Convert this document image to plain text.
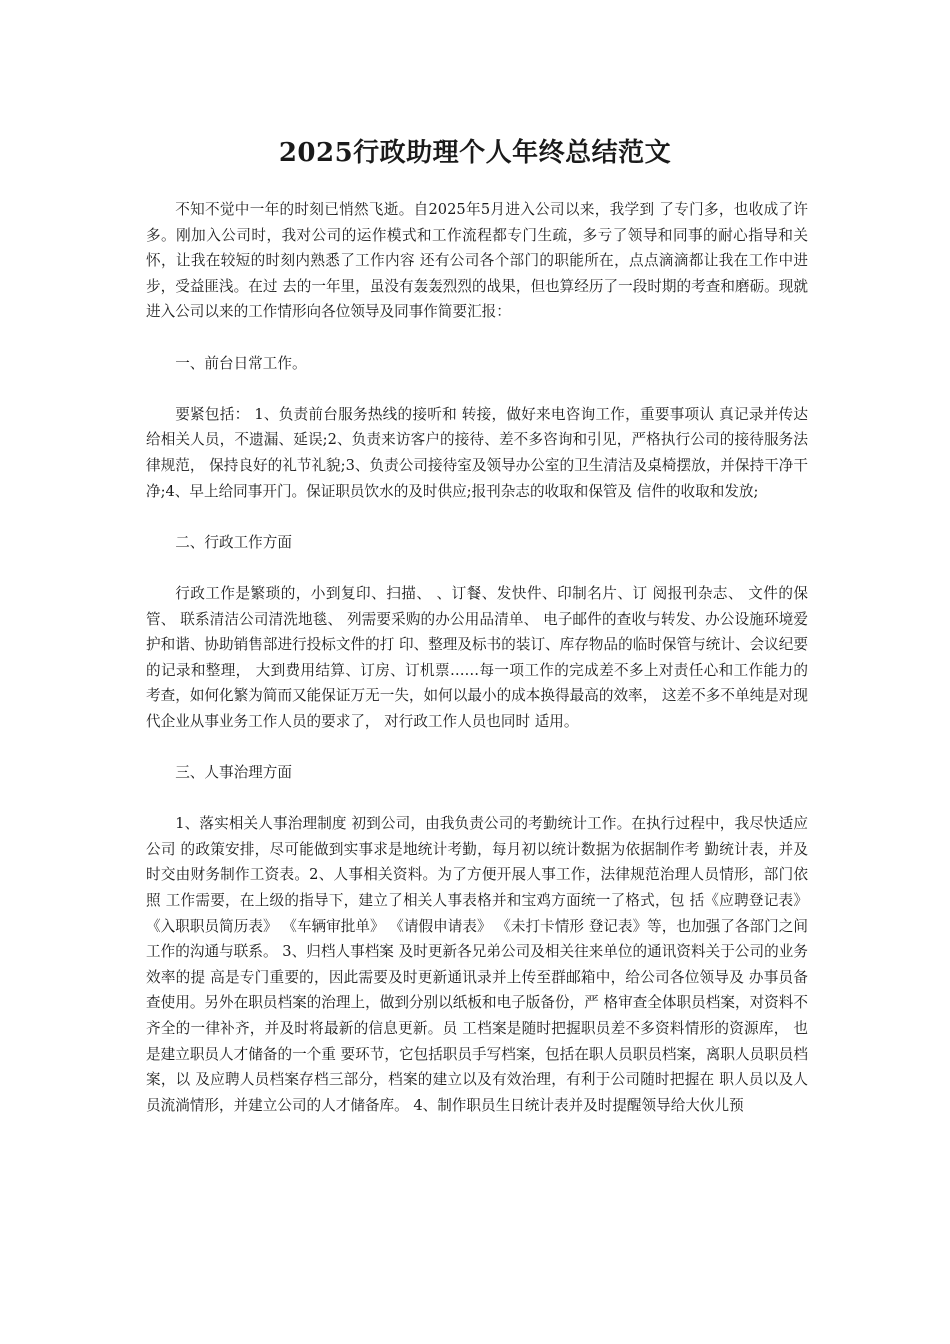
2025行政助理个人年终总结范文

不知不觉中一年的时刻已悄然飞逝。自2025年5月进入公司以来，我学到 了专门多，也收成了许多。刚加入公司时，我对公司的运作模式和工作流程都专门生疏，多亏了领导和同事的耐心指导和关怀，让我在较短的时刻内熟悉了工作内容 还有公司各个部门的职能所在，点点滴滴都让我在工作中进步，受益匪浅。在过 去的一年里，虽没有轰轰烈烈的战果，但也算经历了一段时期的考查和磨砺。现就进入公司以来的工作情形向各位领导及同事作简要汇报：

一、前台日常工作。

要紧包括： 1、负责前台服务热线的接听和 转接，做好来电咨询工作，重要事项认 真记录并传达给相关人员，不遗漏、延误;2、负责来访客户的接待、差不多咨询和引见，严格执行公司的接待服务法律规范， 保持良好的礼节礼貌;3、负责公司接待室及领导办公室的卫生清洁及桌椅摆放，并保持干净干净;4、早上给同事开门。保证职员饮水的及时供应;报刊杂志的收取和保管及 信件的收取和发放;

二、行政工作方面

行政工作是繁琐的，小到复印、扫描、 、订餐、发快件、印制名片、订 阅报刊杂志、 文件的保管、 联系清洁公司清洗地毯、 列需要采购的办公用品清单、 电子邮件的查收与转发、办公设施环境爱护和谐、协助销售部进行投标文件的打 印、整理及标书的装订、库存物品的临时保管与统计、会议纪要的记录和整理， 大到费用结算、订房、订机票……每一项工作的完成差不多上对责任心和工作能力的 考查，如何化繁为简而又能保证万无一失，如何以最小的成本换得最高的效率， 这差不多不单纯是对现代企业从事业务工作人员的要求了， 对行政工作人员也同时 适用。

三、人事治理方面

1、落实相关人事治理制度 初到公司，由我负责公司的考勤统计工作。在执行过程中，我尽快适应公司 的政策安排，尽可能做到实事求是地统计考勤，每月初以统计数据为依据制作考 勤统计表，并及时交由财务制作工资表。2、人事相关资料。为了方便开展人事工作，法律规范治理人员情形，部门依照 工作需要，在上级的指导下，建立了相关人事表格并和宝鸡方面统一了格式，包 括《应聘登记表》 《入职职员简历表》 《车辆审批单》 《请假申请表》 《未打卡情形 登记表》等，也加强了各部门之间工作的沟通与联系。 3、归档人事档案 及时更新各兄弟公司及相关往来单位的通讯资料关于公司的业务效率的提 高是专门重要的，因此需要及时更新通讯录并上传至群邮箱中，给公司各位领导及 办事员备查使用。另外在职员档案的治理上，做到分别以纸板和电子版备份，严 格审查全体职员档案，对资料不齐全的一律补齐，并及时将最新的信息更新。员 工档案是随时把握职员差不多资料情形的资源库， 也是建立职员人才储备的一个重 要环节，它包括职员手写档案，包括在职人员职员档案，离职人员职员档案，以 及应聘人员档案存档三部分，档案的建立以及有效治理，有利于公司随时把握在 职人员以及人员流淌情形，并建立公司的人才储备库。 4、制作职员生日统计表并及时提醒领导给大伙儿预
